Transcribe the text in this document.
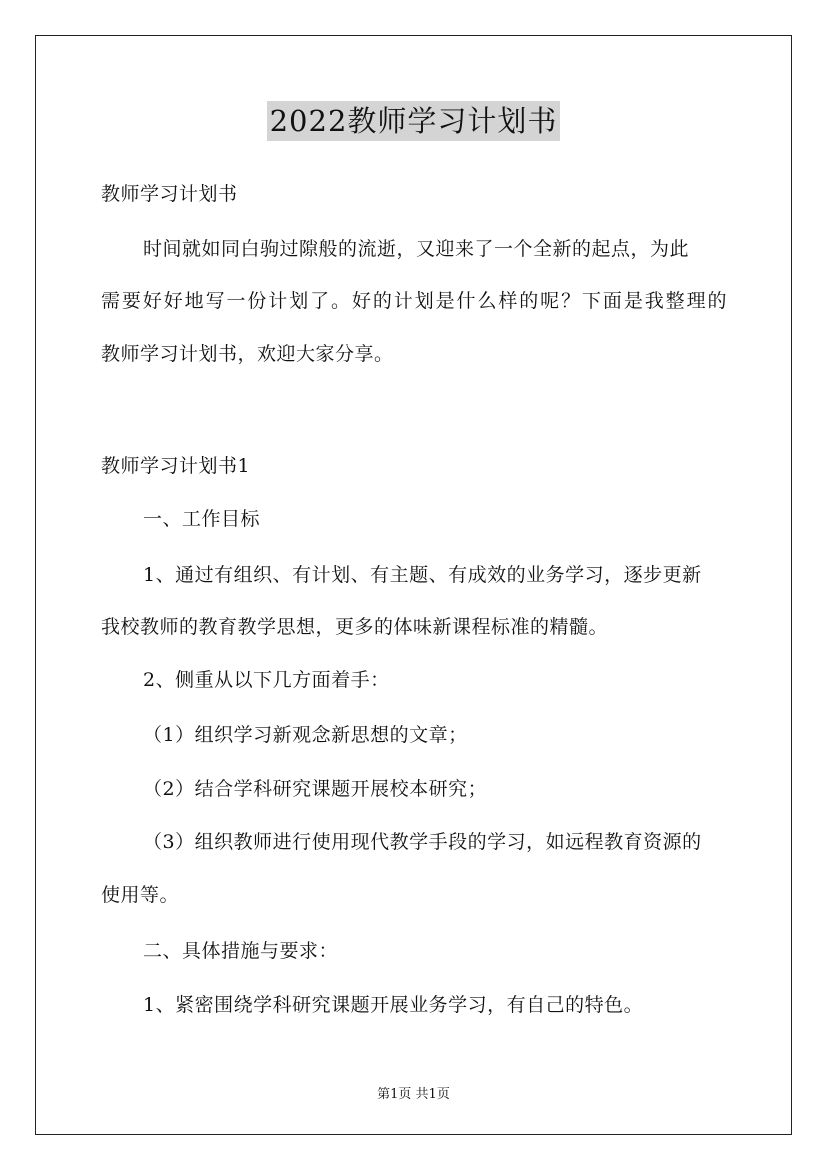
2022教师学习计划书
教师学习计划书
时间就如同白驹过隙般的流逝，又迎来了一个全新的起点，为此
需要好好地写一份计划了。好的计划是什么样的呢？下面是我整理的
教师学习计划书，欢迎大家分享。
教师学习计划书1
一、工作目标
1、通过有组织、有计划、有主题、有成效的业务学习，逐步更新
我校教师的教育教学思想，更多的体味新课程标准的精髓。
2、侧重从以下几方面着手：
（1）组织学习新观念新思想的文章；
（2）结合学科研究课题开展校本研究；
（3）组织教师进行使用现代教学手段的学习，如远程教育资源的
使用等。
二、具体措施与要求：
1、紧密围绕学科研究课题开展业务学习，有自己的特色。
第1页 共1页
